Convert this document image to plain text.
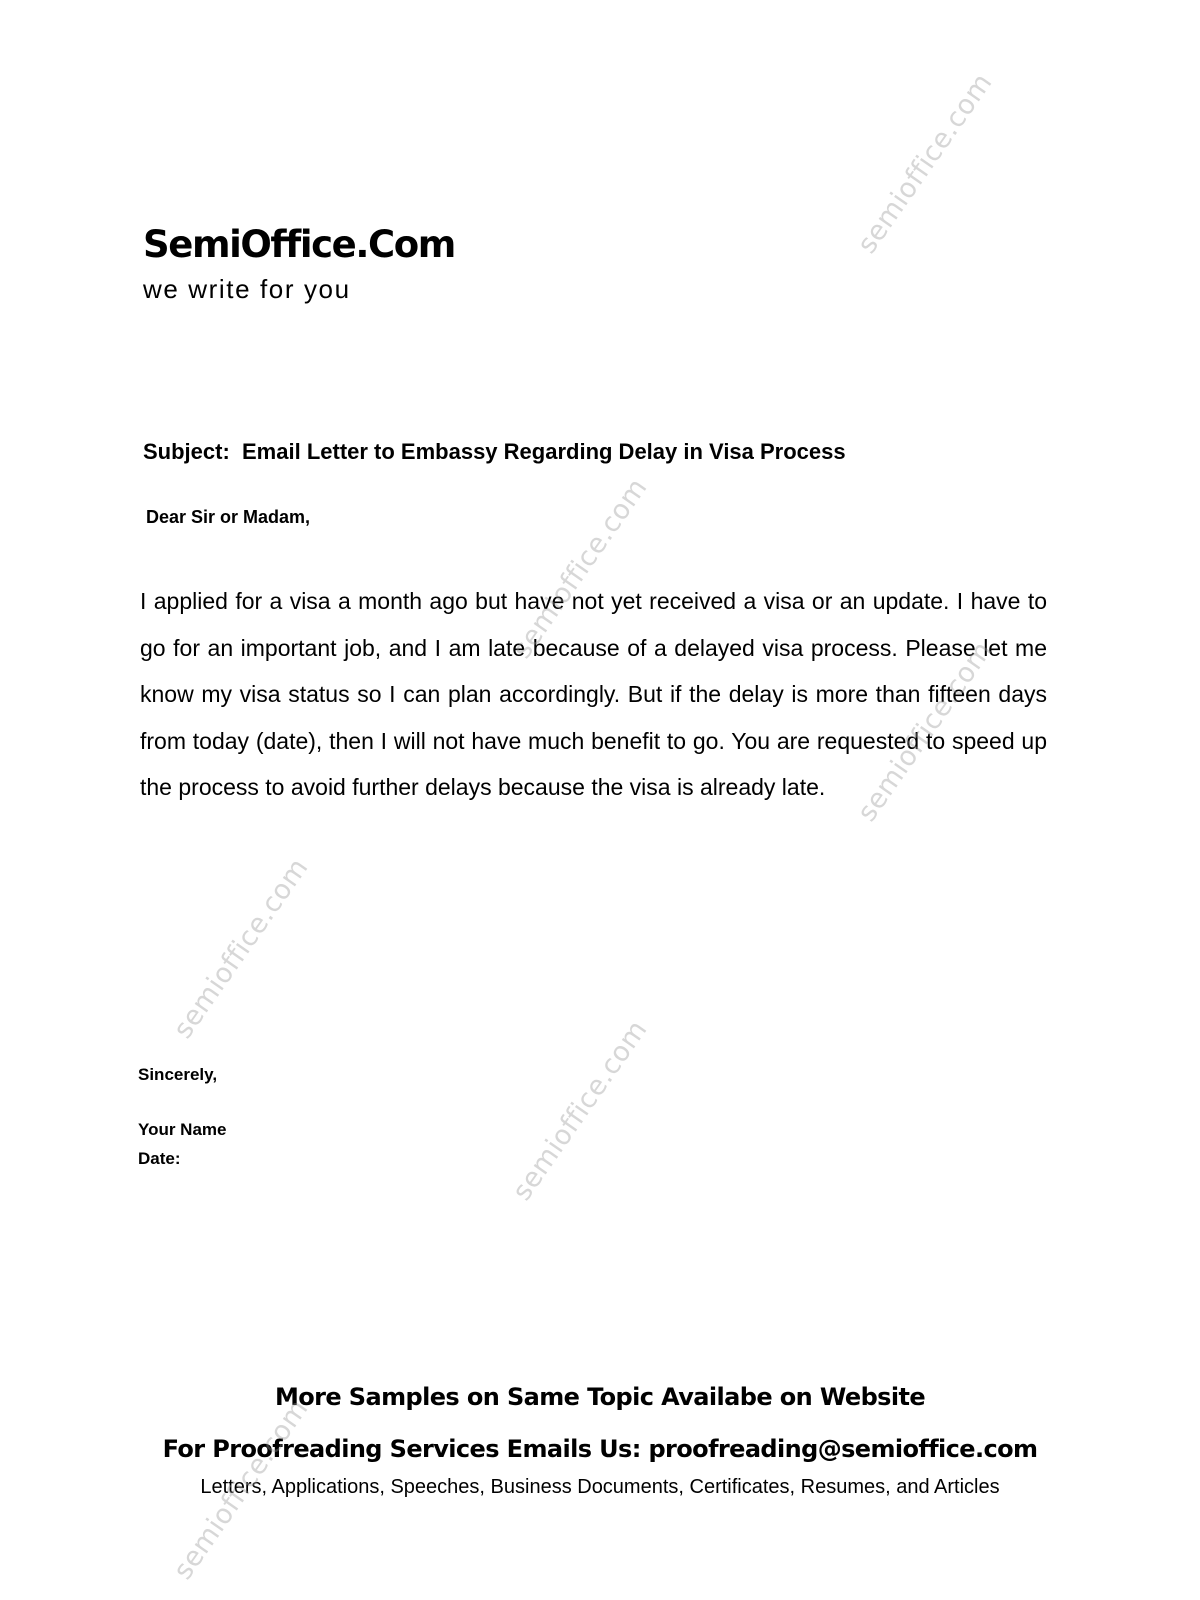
SemiOffice.Com
we write for you
Subject:  Email Letter to Embassy Regarding Delay in Visa Process
Dear Sir or Madam,

I applied for a visa a month ago but have not yet received a visa or an update. I have to go for an important job, and I am late because of a delayed visa process. Please let me know my visa status so I can plan accordingly. But if the delay is more than fifteen days from today (date), then I will not have much benefit to go. You are requested to speed up the process to avoid further delays because the visa is already late.

Sincerely,
Your Name
Date:
More Samples on Same Topic Availabe on Website
For Proofreading Services Emails Us: proofreading@semioffice.com
Letters, Applications, Speeches, Business Documents, Certificates, Resumes, and Articles
semioffice.com
semioffice.com
semioffice.com
semioffice.com
semioffice.com
semioffice.com
